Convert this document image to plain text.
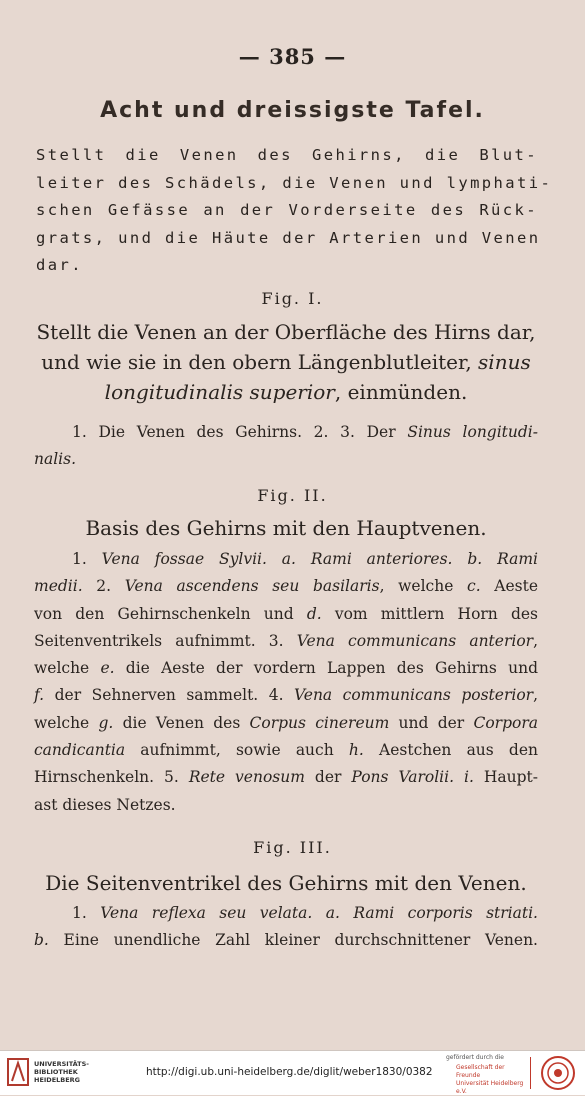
— 385 —
Acht und dreissigste Tafel.
Stellt die Venen des Gehirns, die Blut-
leiter des Schädels, die Venen und lymphati-
schen Gefässe an der Vorderseite des Rück-
grats, und die Häute der Arterien und Venen
dar.
Fig. I.
Stellt die Venen an der Oberfläche des Hirns dar,
und wie sie in den obern Längenblutleiter, sinus
longitudinalis superior, einmünden.
1. Die Venen des Gehirns. 2. 3. Der Sinus longitudi-
nalis.
Fig. II.
Basis des Gehirns mit den Hauptvenen.
1. Vena fossae Sylvii. a. Rami anteriores. b. Rami
medii. 2. Vena ascendens seu basilaris, welche c. Aeste
von den Gehirnschenkeln und d. vom mittlern Horn des
Seitenventrikels aufnimmt. 3. Vena communicans anterior,
welche e. die Aeste der vordern Lappen des Gehirns und
f. der Sehnerven sammelt. 4. Vena communicans posterior,
welche g. die Venen des Corpus cinereum und der Corpora
candicantia aufnimmt, sowie auch h. Aestchen aus den
Hirnschenkeln. 5. Rete venosum der Pons Varolii. i. Haupt-
ast dieses Netzes.
Fig. III.
Die Seitenventrikel des Gehirns mit den Venen.
1. Vena reflexa seu velata. a. Rami corporis striati.
b. Eine unendliche Zahl kleiner durchschnittener Venen.
UNIVERSITÄTS-
BIBLIOTHEK
HEIDELBERG
http://digi.ub.uni-heidelberg.de/diglit/weber1830/0382
gefördert durch die
Gesellschaft der Freunde
Universität Heidelberg e.V.
